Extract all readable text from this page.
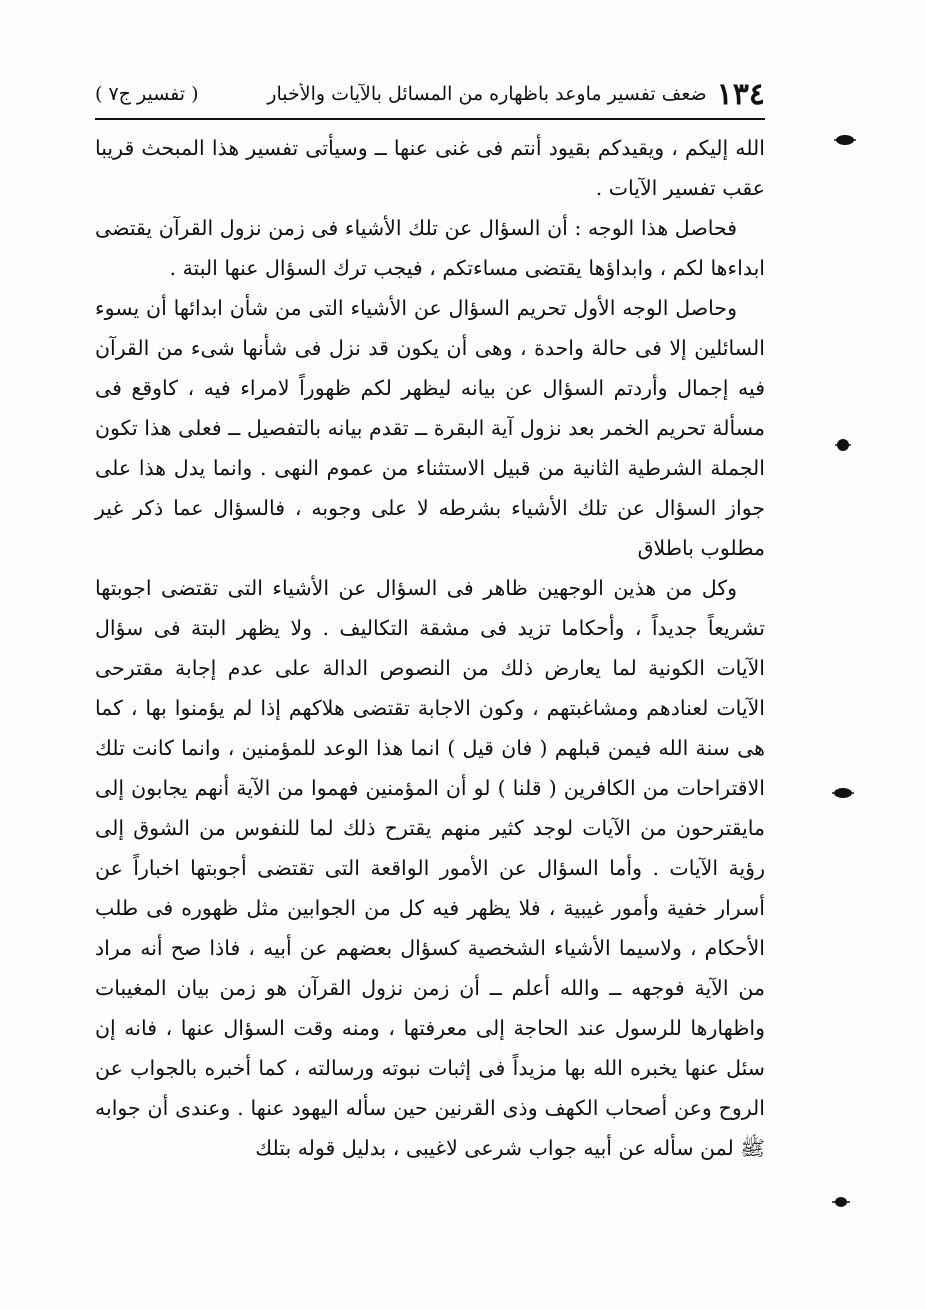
١٣٤
ضعف تفسير ماوعد باظهاره من المسائل بالآيات والأخبار
( تفسير ج٧ )

الله إليكم ، ويقيدكم بقيود أنتم فى غنى عنها ــ وسيأتى تفسير هذا المبحث قريبا عقب تفسير الآيات .

فحاصل هذا الوجه : أن السؤال عن تلك الأشياء فى زمن نزول القرآن يقتضى ابداءها لكم ، وابداؤها يقتضى مساءتكم ، فيجب ترك السؤال عنها البتة .

وحاصل الوجه الأول تحريم السؤال عن الأشياء التى من شأن ابدائها أن يسوء السائلين إلا فى حالة واحدة ، وهى أن يكون قد نزل فى شأنها شىء من القرآن فيه إجمال وأردتم السؤال عن بيانه ليظهر لكم ظهوراً لامراء فيه ، كاوقع فى مسألة تحريم الخمر بعد نزول آية البقرة ــ تقدم بيانه بالتفصيل ــ فعلى هذا تكون الجملة الشرطية الثانية من قبيل الاستثناء من عموم النهى . وانما يدل هذا على جواز السؤال عن تلك الأشياء بشرطه لا على وجوبه ، فالسؤال عما ذكر غير مطلوب باطلاق

وكل من هذين الوجهين ظاهر فى السؤال عن الأشياء التى تقتضى اجوبتها تشريعاً جديداً ، وأحكاما تزيد فى مشقة التكاليف . ولا يظهر البتة فى سؤال الآيات الكونية لما يعارض ذلك من النصوص الدالة على عدم إجابة مقترحى الآيات لعنادهم ومشاغبتهم ، وكون الاجابة تقتضى هلاكهم إذا لم يؤمنوا بها ، كما هى سنة الله فيمن قبلهم ( فان قيل ) انما هذا الوعد للمؤمنين ، وانما كانت تلك الاقتراحات من الكافرين ( قلنا ) لو أن المؤمنين فهموا من الآية أنهم يجابون إلى مايقترحون من الآيات لوجد كثير منهم يقترح ذلك لما للنفوس من الشوق إلى رؤية الآيات . وأما السؤال عن الأمور الواقعة التى تقتضى أجوبتها اخباراً عن أسرار خفية وأمور غيبية ، فلا يظهر فيه كل من الجوابين مثل ظهوره فى طلب الأحكام ، ولاسيما الأشياء الشخصية كسؤال بعضهم عن أبيه ، فاذا صح أنه مراد من الآية فوجهه ــ والله أعلم ــ أن زمن نزول القرآن هو زمن بيان المغيبات واظهارها للرسول عند الحاجة إلى معرفتها ، ومنه وقت السؤال عنها ، فانه إن سئل عنها يخبره الله بها مزيداً فى إثبات نبوته ورسالته ، كما أخبره بالجواب عن الروح وعن أصحاب الكهف وذى القرنين حين سأله اليهود عنها . وعندى أن جوابه ﷺ لمن سأله عن أبيه جواب شرعى لاغيبى ، بدليل قوله بتلك
